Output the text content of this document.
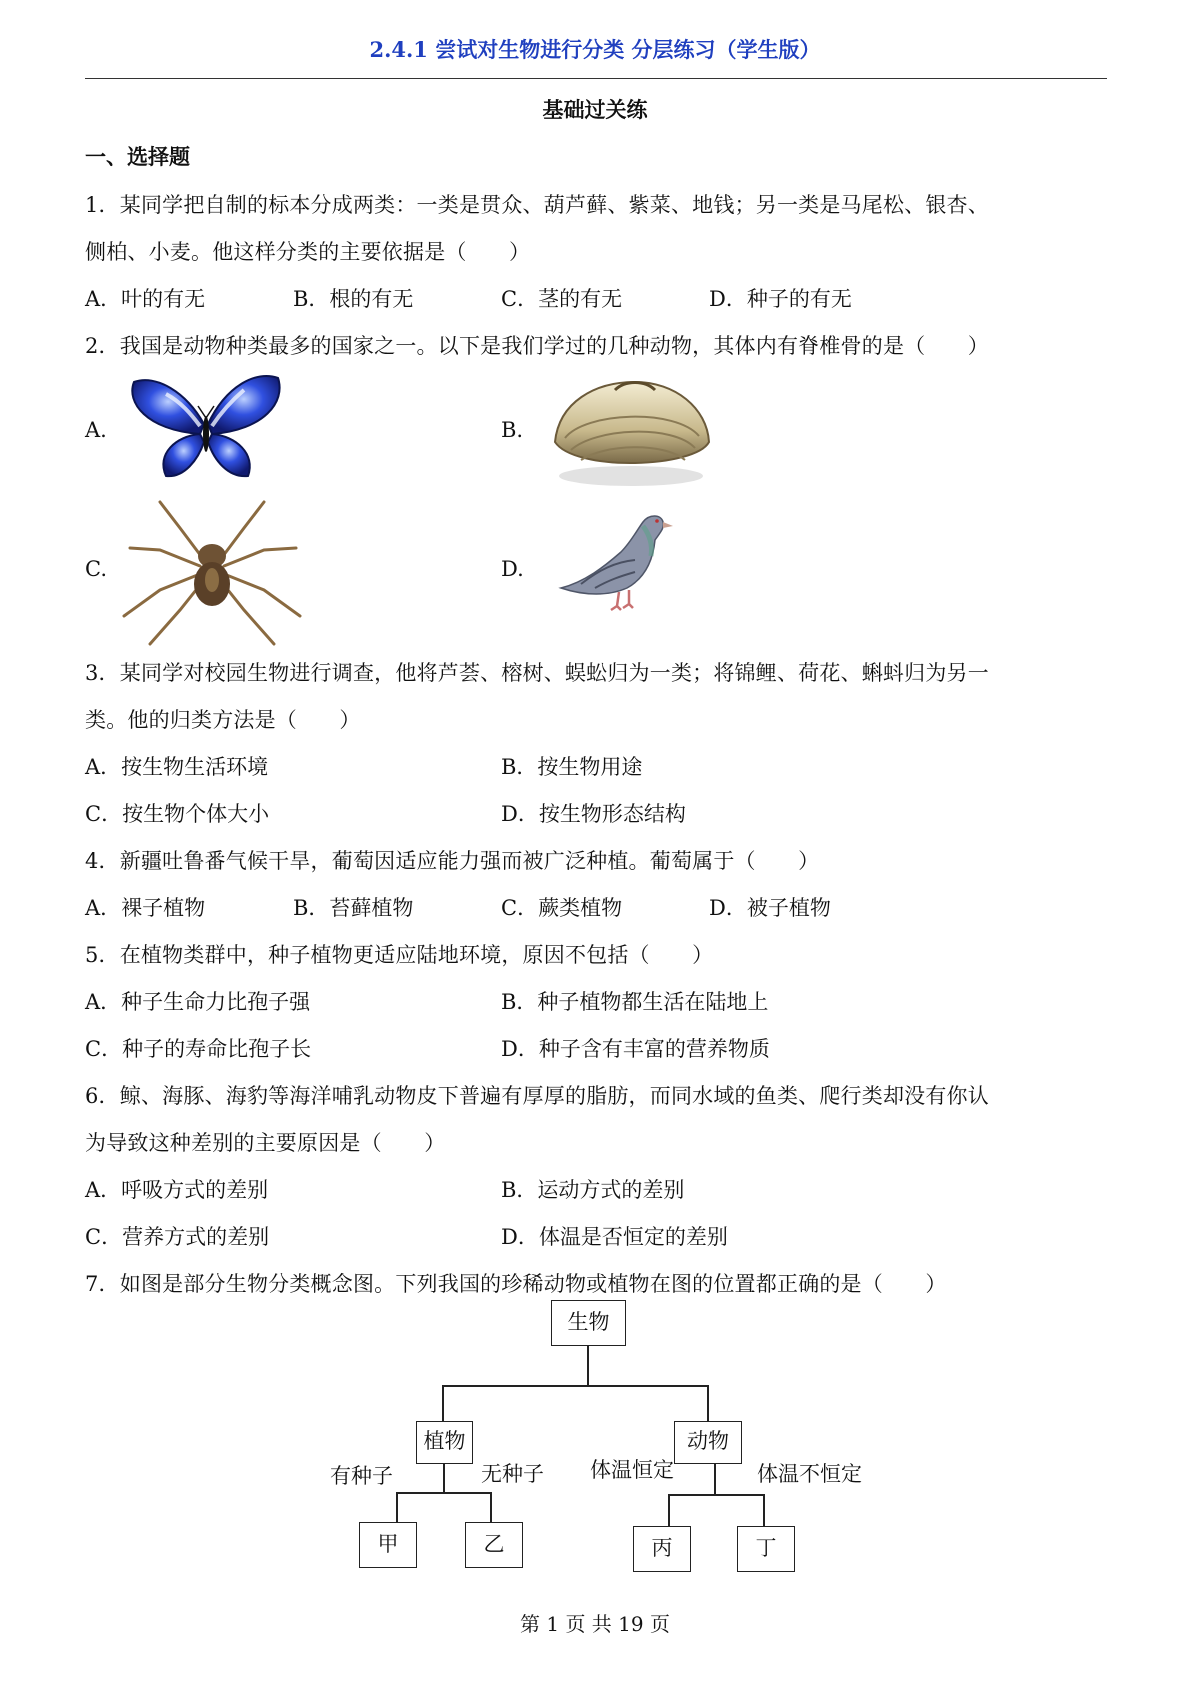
2.4.1 尝试对生物进行分类 分层练习（学生版）
基础过关练
一、选择题
1．某同学把自制的标本分成两类：一类是贯众、葫芦藓、紫菜、地钱；另一类是马尾松、银杏、
侧柏、小麦。他这样分类的主要依据是（　　）
A．叶的有无	B．根的有无	C．茎的有无	D．种子的有无
2．我国是动物种类最多的国家之一。以下是我们学过的几种动物，其体内有脊椎骨的是（　　）
A.	B.
C.	D.
3．某同学对校园生物进行调查，他将芦荟、榕树、蜈蚣归为一类；将锦鲤、荷花、蝌蚪归为另一
类。他的归类方法是（　　）
A．按生物生活环境	B．按生物用途
C．按生物个体大小	D．按生物形态结构
4．新疆吐鲁番气候干旱，葡萄因适应能力强而被广泛种植。葡萄属于（　　）
A．裸子植物	B．苔藓植物	C．蕨类植物	D．被子植物
5．在植物类群中，种子植物更适应陆地环境，原因不包括（　　）
A．种子生命力比孢子强	B．种子植物都生活在陆地上
C．种子的寿命比孢子长	D．种子含有丰富的营养物质
6．鲸、海豚、海豹等海洋哺乳动物皮下普遍有厚厚的脂肪，而同水域的鱼类、爬行类却没有你认
为导致这种差别的主要原因是（　　）
A．呼吸方式的差别	B．运动方式的差别
C．营养方式的差别	D．体温是否恒定的差别
7．如图是部分生物分类概念图。下列我国的珍稀动物或植物在图的位置都正确的是（　　）
生物
植物	动物
有种子	无种子 体温恒定	体温不恒定
甲	乙	丙	丁
第 1 页 共 19 页
